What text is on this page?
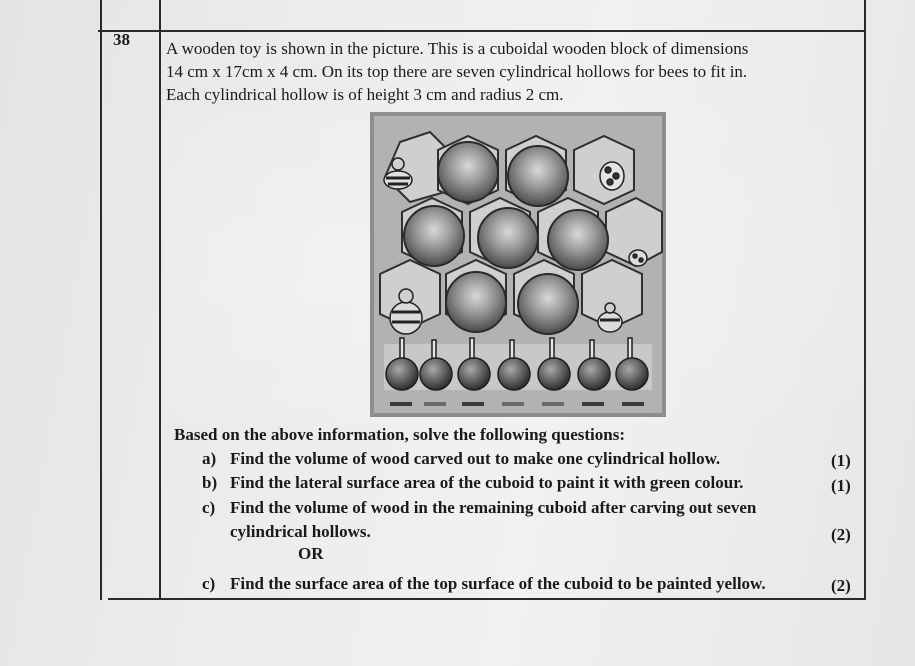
38 A wooden toy is shown in the picture. This is a cuboidal wooden block of dimensions
14 cm x 17cm x 4 cm. On its top there are seven cylindrical hollows for bees to fit in.
Each cylindrical hollow is of height 3 cm and radius 2 cm.
Based on the above information, solve the following questions:
a) Find the volume of wood carved out to make one cylindrical hollow.	(1)
b) Find the lateral surface area of the cuboid to paint it with green colour.	(1)
c) Find the volume of wood in the remaining cuboid after carving out seven
cylindrical hollows.	(2)
OR
c) Find the surface area of the top surface of the cuboid to be painted yellow.	(2)
